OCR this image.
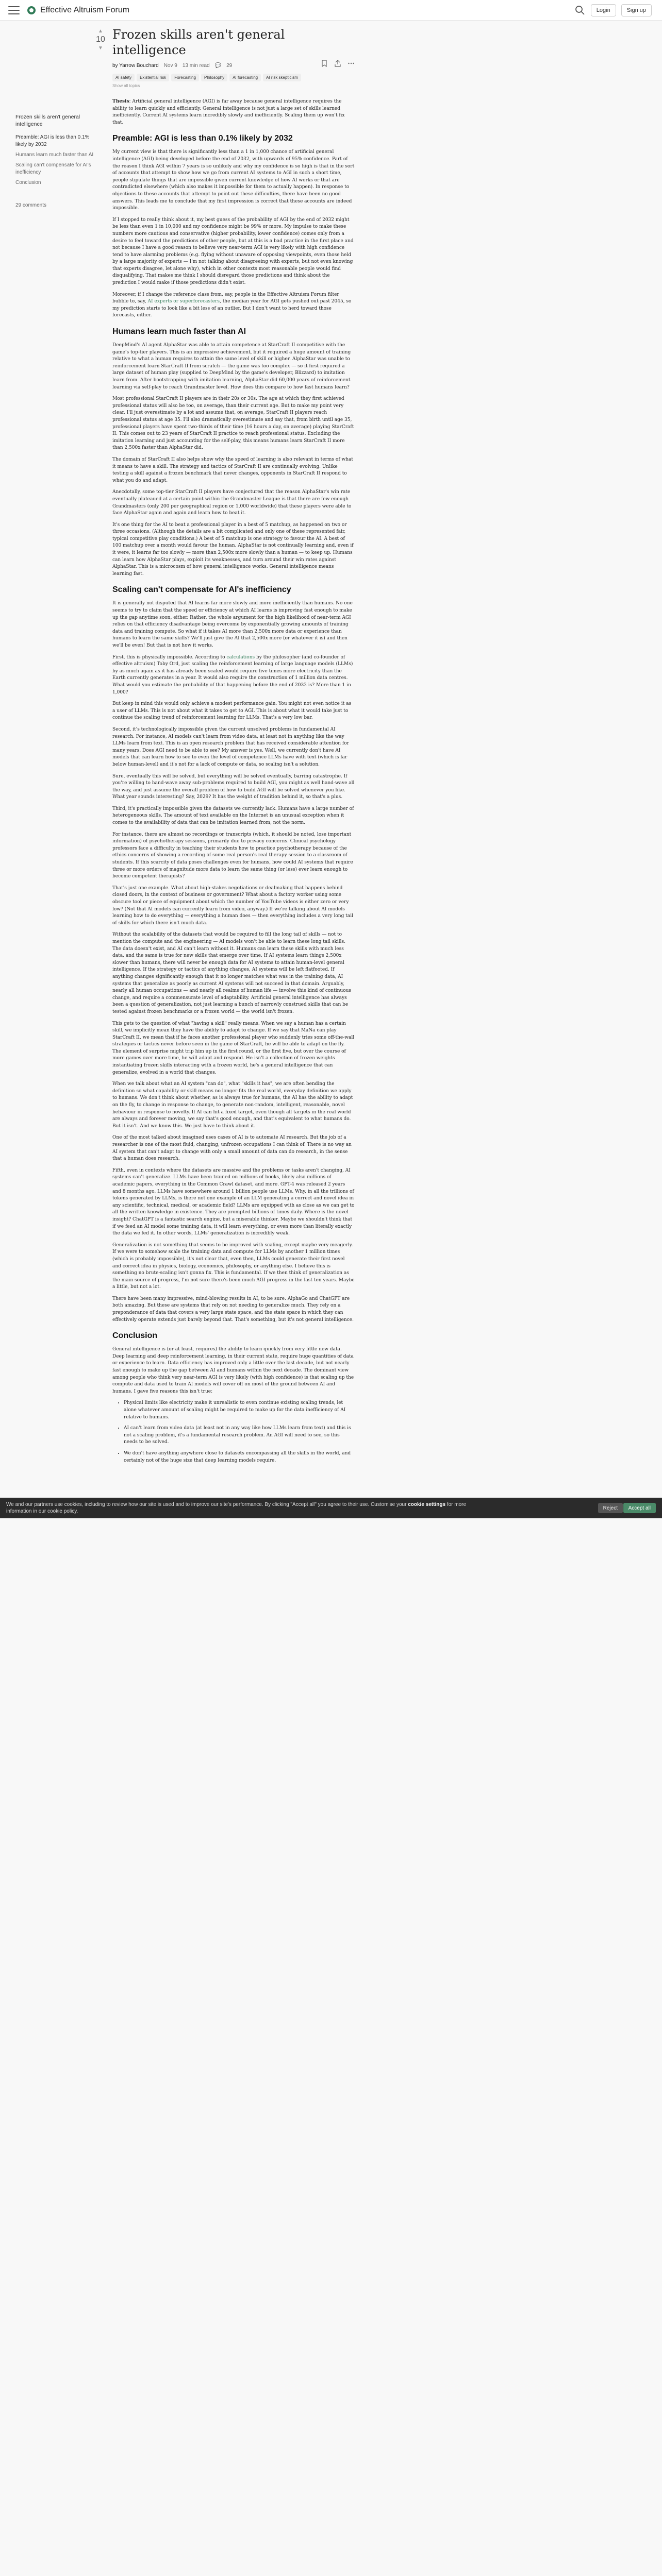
Effective Altruism Forum	Login	Sign up
Frozen skills aren't general intelligence
Preamble: AGI is less than 0.1% likely by 2032
Humans learn much faster than AI
Scaling can't compensate for AI's inefficiency
Conclusion
29 comments
▲
10
▼
Frozen skills aren't general intelligence
by Yarrow Bouchard Nov 9 13 min read 💬 29
AI safety Existential risk Forecasting Philosophy AI forecasting AI risk skepticism
Show all topics

Thesis: Artificial general intelligence (AGI) is far away because general intelligence requires the ability to learn quickly and efficiently. General intelligence is not just a large set of skills learned inefficiently. Current AI systems learn incredibly slowly and inefficiently. Scaling them up won't fix that.

Preamble: AGI is less than 0.1% likely by 2032

My current view is that there is significantly less than a 1 in 1,000 chance of artificial general intelligence (AGI) being developed before the end of 2032, with upwards of 95% confidence. Part of the reason I think AGI within 7 years is so unlikely and why my confidence is so high is that in the sort of accounts that attempt to show how we go from current AI systems to AGI in such a short time, people stipulate things that are impossible given current knowledge of how AI works or that are contradicted elsewhere (which also makes it impossible for them to actually happen). In response to objections to these accounts that attempt to point out these difficulties, there have been no good answers. This leads me to conclude that my first impression is correct that these accounts are indeed impossible.

If I stopped to really think about it, my best guess of the probability of AGI by the end of 2032 might be less than even 1 in 10,000 and my confidence might be 99% or more. My impulse to make these numbers more cautious and conservative (higher probability, lower confidence) comes only from a desire to feel toward the predictions of other people, but at this is a bad practice in the first place and not because I have a good reason to believe very near-term AGI is very likely with high confidence tend to have alarming problems (e.g. flying without unaware of opposing viewpoints, even those held by a large majority of experts — I'm not talking about disagreeing with experts, but not even knowing that experts disagree, let alone why), which in other contexts most reasonable people would find disqualifying. That makes me think I should disregard those predictions and think about the prediction I would make if those predictions didn't exist.

Moreover, if I change the reference class from, say, people in the Effective Altruism Forum filter bubble to, say, AI experts or superforecasters, the median year for AGI gets pushed out past 2045, so my prediction starts to look like a bit less of an outlier. But I don't want to herd toward those forecasts, either.

Humans learn much faster than AI

DeepMind's AI agent AlphaStar was able to attain competence at StarCraft II competitive with the game's top-tier players. This is an impressive achievement, but it required a huge amount of training relative to what a human requires to attain the same level of skill or higher. AlphaStar was unable to reinforcement learn StarCraft II from scratch — the game was too complex — so it first required a large dataset of human play (supplied to DeepMind by the game's developer, Blizzard) to imitation learn from. After bootstrapping with imitation learning, AlphaStar did 60,000 years of reinforcement learning via self-play to reach Grandmaster level. How does this compare to how fast humans learn?

Most professional StarCraft II players are in their 20s or 30s. The age at which they first achieved professional status will also be too, on average, than their current age. But to make my point very clear, I'll just overestimate by a lot and assume that, on average, StarCraft II players reach professional status at age 35. I'll also dramatically overestimate and say that, from birth until age 35, professional players have spent two-thirds of their time (16 hours a day, on average) playing StarCraft II. This comes out to 23 years of StarCraft II practice to reach professional status. Excluding the imitation learning and just accounting for the self-play, this means humans learn StarCraft II more than 2,500x faster than AlphaStar did.

The domain of StarCraft II also helps show why the speed of learning is also relevant in terms of what it means to have a skill. The strategy and tactics of StarCraft II are continually evolving. Unlike testing a skill against a frozen benchmark that never changes, opponents in StarCraft II respond to what you do and adapt.

Anecdotally, some top-tier StarCraft II players have conjectured that the reason AlphaStar's win rate eventually plateaued at a certain point within the Grandmaster League is that there are few enough Grandmasters (only 200 per geographical region or 1,000 worldwide) that these players were able to face AlphaStar again and again and learn how to beat it.

It's one thing for the AI to beat a professional player in a best of 5 matchup, as happened on two or three occasions. (Although the details are a bit complicated and only one of these represented fair, typical competitive play conditions.) A best of 5 matchup is one strategy to favour the AI. A best of 100 matchup over a month would favour the human. AlphaStar is not continually learning and, even if it were, it learns far too slowly — more than 2,500x more slowly than a human — to keep up. Humans can learn how AlphaStar plays, exploit its weaknesses, and turn around their win rates against AlphaStar. This is a microcosm of how general intelligence works. General intelligence means learning fast.

Scaling can't compensate for AI's inefficiency

It is generally not disputed that AI learns far more slowly and more inefficiently than humans. No one seems to try to claim that the speed or efficiency at which AI learns is improving fast enough to make up the gap anytime soon, either. Rather, the whole argument for the high likelihood of near-term AGI relies on that efficiency disadvantage being overcome by exponentially growing amounts of training data and training compute. So what if it takes AI more than 2,500x more data or experience than humans to learn the same skills? We'll just give the AI that 2,500x more (or whatever it is) and then we'll be even! But that is not how it works.

First, this is physically impossible. According to calculations by the philosopher (and co-founder of effective altruism) Toby Ord, just scaling the reinforcement learning of large language models (LLMs) by as much again as it has already been scaled would require five times more electricity than the Earth currently generates in a year. It would also require the construction of 1 million data centres. What would you estimate the probability of that happening before the end of 2032 is? More than 1 in 1,000?

But keep in mind this would only achieve a modest performance gain. You might not even notice it as a user of LLMs. This is not about what it takes to get to AGI. This is about what it would take just to continue the scaling trend of reinforcement learning for LLMs. That's a very low bar.

Second, it's technologically impossible given the current unsolved problems in fundamental AI research. For instance, AI models can't learn from video data, at least not in anything like the way LLMs learn from text. This is an open research problem that has received considerable attention for many years. Does AGI need to be able to see? My answer is yes. Well, we currently don't have AI models that can learn how to see to even the level of competence LLMs have with text (which is far below human-level) and it's not for a lack of compute or data, so scaling isn't a solution.

Sure, eventually this will be solved, but everything will be solved eventually, barring catastrophe. If you're willing to hand-wave away sub-problems required to build AGI, you might as well hand-wave all the way, and just assume the overall problem of how to build AGI will be solved whenever you like. What year sounds interesting? Say, 2029? It has the weight of tradition behind it, so that's a plus.

Third, it's practically impossible given the datasets we currently lack. Humans have a large number of heterogeneous skills. The amount of text available on the Internet is an unusual exception when it comes to the availability of data that can be imitation learned from, not the norm.

For instance, there are almost no recordings or transcripts (which, it should be noted, lose important information) of psychotherapy sessions, primarily due to privacy concerns. Clinical psychology professors face a difficulty in teaching their students how to practice psychotherapy because of the ethics concerns of showing a recording of some real person's real therapy session to a classroom of students. If this scarcity of data poses challenges even for humans, how could AI systems that require three or more orders of magnitude more data to learn the same thing (or less) ever learn enough to become competent therapists?

That's just one example. What about high-stakes negotiations or dealmaking that happens behind closed doors, in the context of business or government? What about a factory worker using some obscure tool or piece of equipment about which the number of YouTube videos is either zero or very low? (Not that AI models can currently learn from video, anyway.) If we're talking about AI models learning how to do everything — everything a human does — then everything includes a very long tail of skills for which there isn't much data.

Without the scalability of the datasets that would be required to fill the long tail of skills — not to mention the compute and the engineering — AI models won't be able to learn these long tail skills. The data doesn't exist, and AI can't learn without it. Humans can learn these skills with much less data, and the same is true for new skills that emerge over time. If AI systems learn things 2,500x slower than humans, there will never be enough data for AI systems to attain human-level general intelligence. If the strategy or tactics of anything changes, AI systems will be left flatfooted. If anything changes significantly enough that it no longer matches what was in the training data, AI systems that generalize as poorly as current AI systems will not succeed in that domain. Arguably, nearly all human occupations — and nearly all realms of human life — involve this kind of continuous change, and require a commensurate level of adaptability. Artificial general intelligence has always been a question of generalization, not just learning a bunch of narrowly construed skills that can be tested against frozen benchmarks or a frozen world — the world isn't frozen.

This gets to the question of what "having a skill" really means. When we say a human has a certain skill, we implicitly mean they have the ability to adapt to change. If we say that MaNa can play StarCraft II, we mean that if he faces another professional player who suddenly tries some off-the-wall strategies or tactics never before seen in the game of StarCraft, he will be able to adapt on the fly. The element of surprise might trip him up in the first round, or the first five, but over the course of more games over more time, he will adapt and respond. He isn't a collection of frozen weights instantiating frozen skills interacting with a frozen world, he's a general intelligence that can generalize, evolved in a world that changes.

When we talk about what an AI system "can do", what "skills it has", we are often bending the definition so what capability or skill means no longer fits the real world, everyday definition we apply to humans. We don't think about whether, as is always true for humans, the AI has the ability to adapt on the fly, to change in response to change, to generate non-random, intelligent, reasonable, novel behaviour in response to novelty. If AI can hit a fixed target, even though all targets in the real world are always and forever moving, we say that's good enough, and that's equivalent to what humans do. But it isn't. And we know this. We just have to think about it.

One of the most talked about imagined uses cases of AI is to automate AI research. But the job of a researcher is one of the most fluid, changing, unfrozen occupations I can think of. There is no way an AI system that can't adapt to change with only a small amount of data can do research, in the sense that a human does research.

Fifth, even in contexts where the datasets are massive and the problems or tasks aren't changing, AI systems can't generalize. LLMs have been trained on millions of books, likely also millions of academic papers, everything in the Common Crawl dataset, and more. GPT-4 was released 2 years and 8 months ago. LLMs have somewhere around 1 billion people use LLMs. Why, in all the trillions of tokens generated by LLMs, is there not one example of an LLM generating a correct and novel idea in any scientific, technical, medical, or academic field? LLMs are equipped with as close as we can get to all the written knowledge in existence. They are prompted billions of times daily. Where is the novel insight? ChatGPT is a fantastic search engine, but a miserable thinker. Maybe we shouldn't think that if we feed an AI model some training data, it will learn everything, or even more than literally exactly the data we fed it. In other words, LLMs' generalization is incredibly weak.

Generalization is not something that seems to be improved with scaling, except maybe very meagerly. If we were to somehow scale the training data and compute for LLMs by another 1 million times (which is probably impossible), it's not clear that, even then, LLMs could generate their first novel and correct idea in physics, biology, economics, philosophy, or anything else. I believe this is something no brute-scaling isn't gonna fix. This is fundamental. If we then think of generalization as the main source of progress, I'm not sure there's been much AGI progress in the last ten years. Maybe a little, but not a lot.

There have been many impressive, mind-blowing results in AI, to be sure. AlphaGo and ChatGPT are both amazing. But these are systems that rely on not needing to generalize much. They rely on a preponderance of data that covers a very large state space, and the state space in which they can effectively operate extends just barely beyond that. That's something, but it's not general intelligence.

Conclusion

General intelligence is (or at least, requires) the ability to learn quickly from very little new data. Deep learning and deep reinforcement learning, in their current state, require huge quantities of data or experience to learn. Data efficiency has improved only a little over the last decade, but not nearly fast enough to make up the gap between AI and humans within the next decade. The dominant view among people who think very near-term AGI is very likely (with high confidence) is that scaling up the compute and data used to train AI models will cover off on most of the ground between AI and humans. I gave five reasons this isn't true:

• Physical limits like electricity make it unrealistic to even continue existing scaling trends, let alone whatever amount of scaling might be required to make up for the data inefficiency of AI relative to humans.
• AI can't learn from video data (at least not in any way like how LLMs learn from text) and this is not a scaling problem, it's a fundamental research problem. An AGI will need to see, so this needs to be solved.
• We don't have anything anywhere close to datasets encompassing all the skills in the world, and certainly not of the huge size that deep learning models require.
We and our partners use cookies, including to review how our site is used and to improve our site's performance. By clicking "Accept all" you agree to their use. Customise your cookie settings for more information in our cookie policy.
Reject	Accept all
